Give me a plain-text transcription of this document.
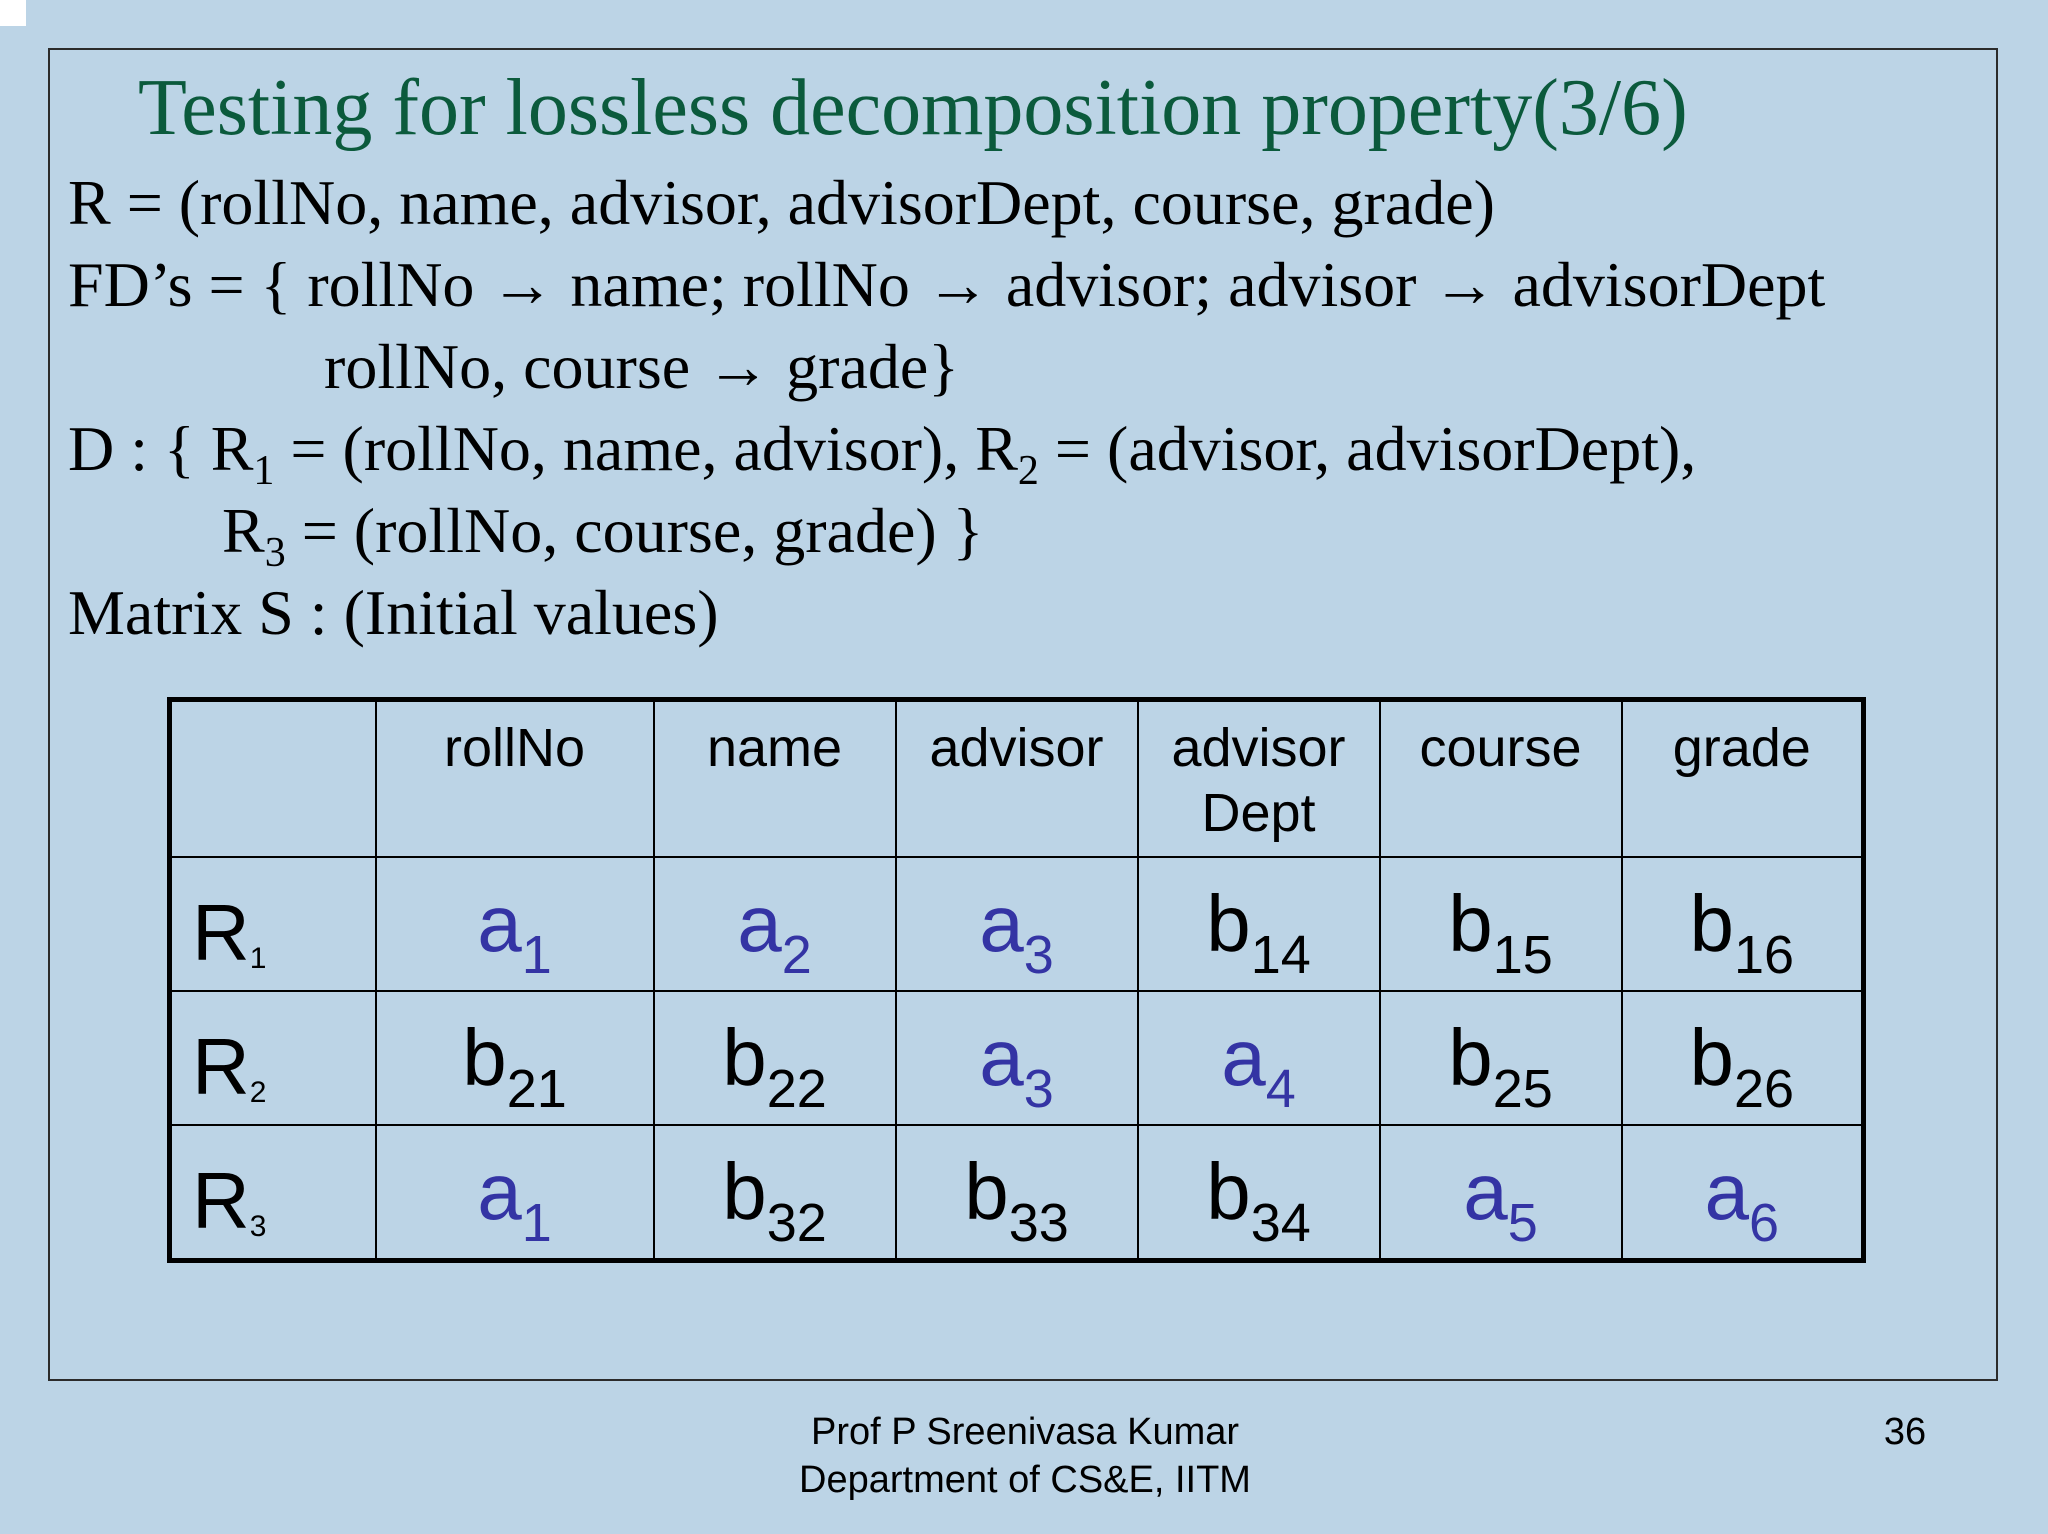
Testing for lossless decomposition property(3/6)
R = (rollNo, name, advisor, advisorDept, course, grade)
FD’s = { rollNo → name; rollNo → advisor; advisor → advisorDept
rollNo, course → grade}
D : { $R_1$ = (rollNo, name, advisor), $R_2$ = (advisor, advisorDept),
$R_3$ = (rollNo, course, grade) }
Matrix S : (Initial values)
	rollNo	name	advisor	advisor
Dept	course	grade
$R_1$	$a_1$	$a_2$	$a_3$	$b_{14}$	$b_{15}$	$b_{16}$
$R_2$	$b_{21}$	$b_{22}$	$a_3$	$a_4$	$b_{25}$	$b_{26}$
$R_3$	$a_1$	$b_{32}$	$b_{33}$	$b_{34}$	$a_5$	$a_6$
Prof P Sreenivasa Kumar
Department of CS&E, IITM
36
